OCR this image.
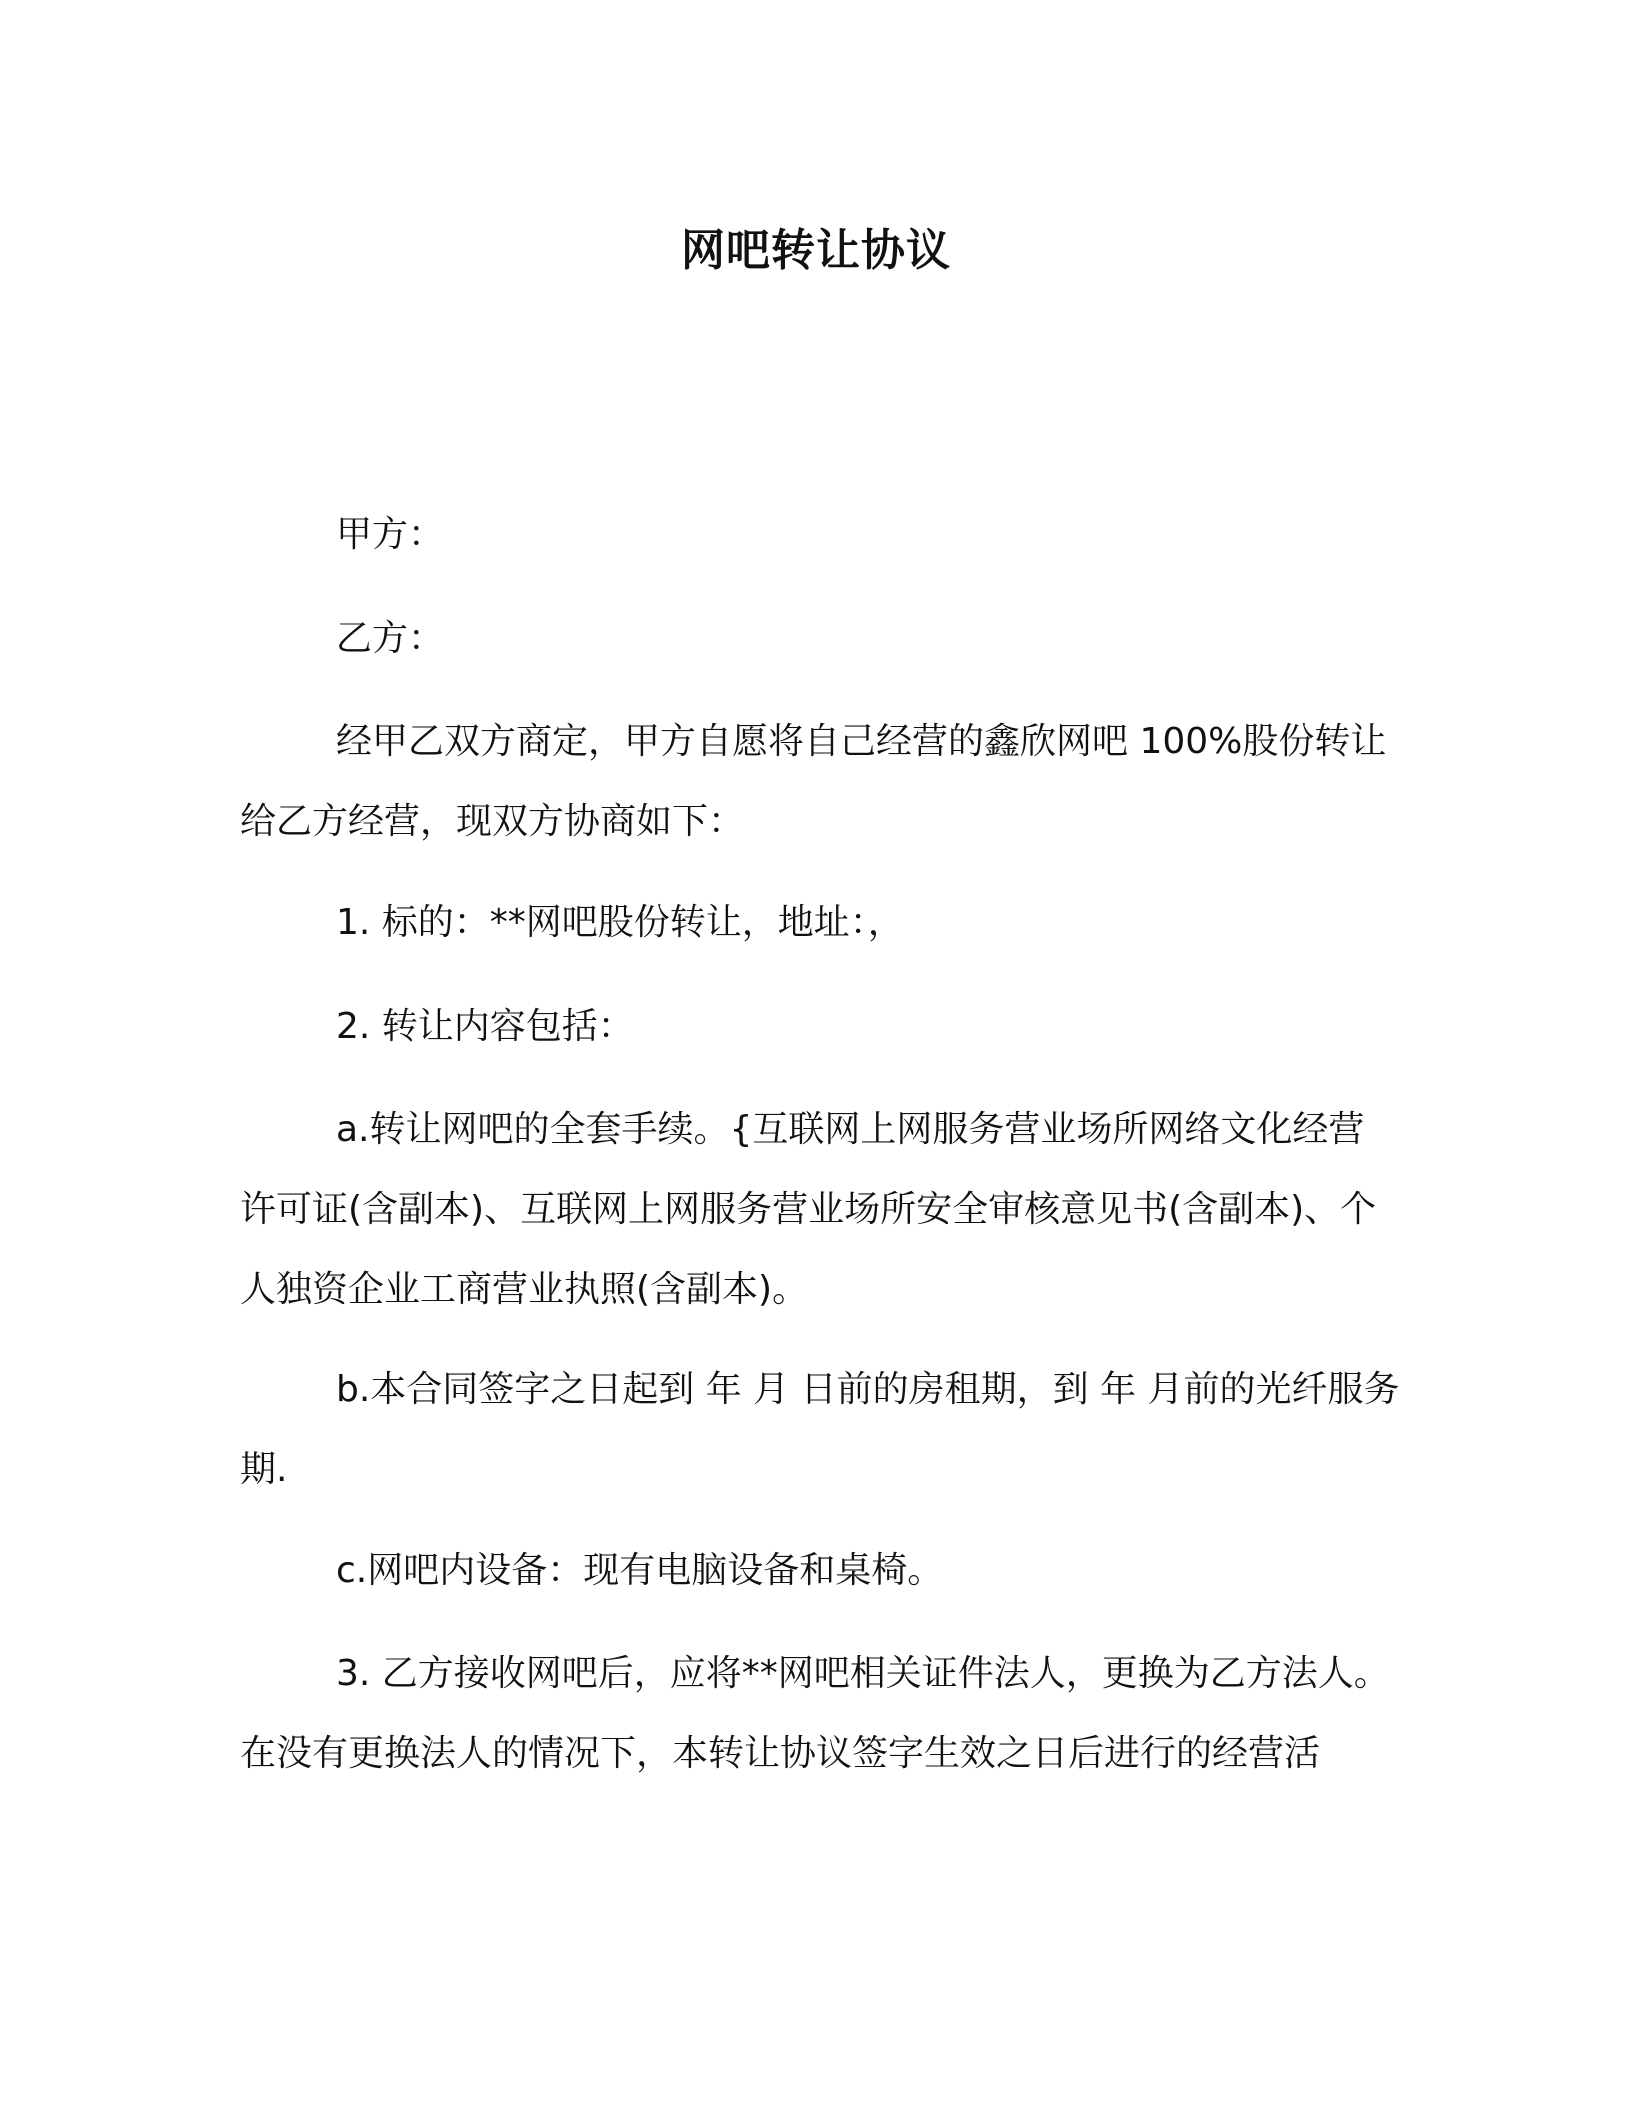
网吧转让协议

甲方：

乙方：

经甲乙双方商定，甲方自愿将自己经营的鑫欣网吧 100%股份转让给乙方经营，现双方协商如下：

1. 标的：**网吧股份转让，地址：，

2. 转让内容包括：

a.转让网吧的全套手续。{互联网上网服务营业场所网络文化经营许可证(含副本)、互联网上网服务营业场所安全审核意见书(含副本)、个人独资企业工商营业执照(含副本)。

b.本合同签字之日起到 年 月 日前的房租期，到 年 月前的光纤服务期.

c.网吧内设备：现有电脑设备和桌椅。

3. 乙方接收网吧后，应将**网吧相关证件法人，更换为乙方法人。在没有更换法人的情况下，本转让协议签字生效之日后进行的经营活
